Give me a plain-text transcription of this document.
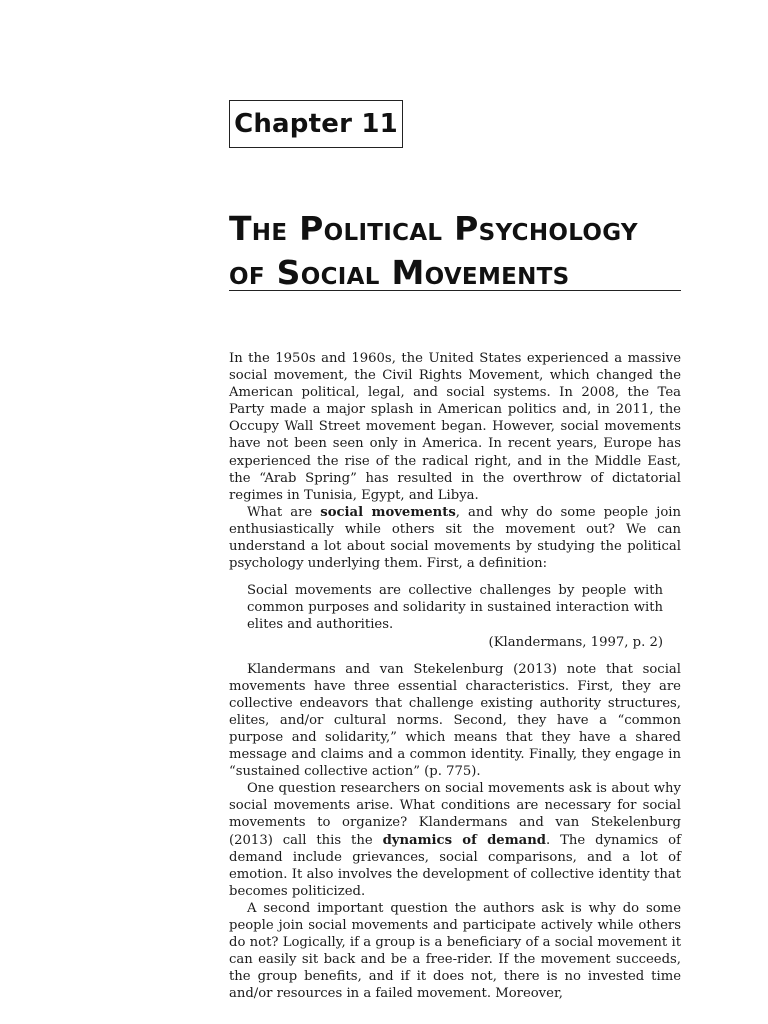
Chapter 11
The Political Psychology
of Social Movements

In the 1950s and 1960s, the United States experienced a massive social movement, the Civil Rights Movement, which changed the American political, legal, and social systems. In 2008, the Tea Party made a major splash in American politics and, in 2011, the Occupy Wall Street movement began. However, social movements have not been seen only in America. In recent years, Europe has experienced the rise of the radical right, and in the Middle East, the “Arab Spring” has resulted in the overthrow of dictatorial regimes in Tunisia, Egypt, and Libya.

What are social movements, and why do some people join enthusiastically while others sit the movement out? We can understand a lot about social movements by studying the political psychology underlying them. First, a definition:

Social movements are collective challenges by people with common purposes and solidarity in sustained interaction with elites and authorities.

(Klandermans, 1997, p. 2)

Klandermans and van Stekelenburg (2013) note that social movements have three essential characteristics. First, they are collective endeavors that challenge existing authority structures, elites, and/or cultural norms. Second, they have a “common purpose and solidarity,” which means that they have a shared message and claims and a common identity. Finally, they engage in “sustained collective action” (p. 775).

One question researchers on social movements ask is about why social movements arise. What conditions are necessary for social movements to organize? Klandermans and van Stekelenburg (2013) call this the dynamics of demand. The dynamics of demand include grievances, social comparisons, and a lot of emotion. It also involves the development of collective identity that becomes politicized.

A second important question the authors ask is why do some people join social movements and participate actively while others do not? Logically, if a group is a beneficiary of a social movement it can easily sit back and be a free-rider. If the movement succeeds, the group benefits, and if it does not, there is no invested time and/or resources in a failed movement. Moreover,
